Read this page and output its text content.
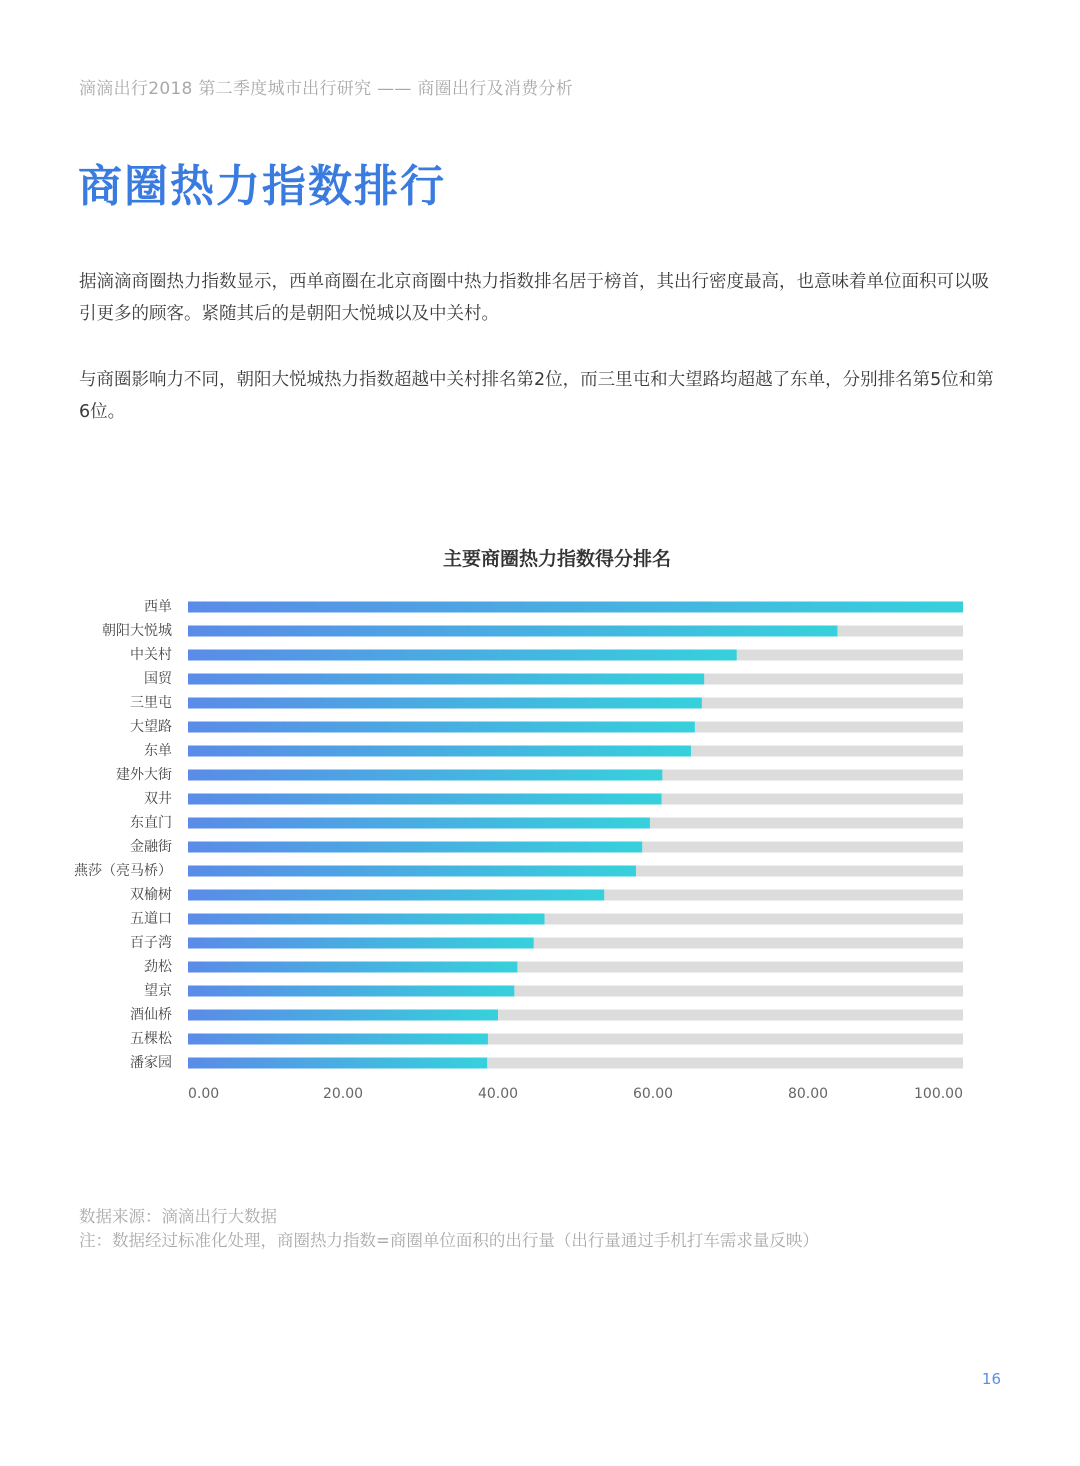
滴滴出行2018 第二季度城市出行研究 —— 商圈出行及消费分析
商圈热力指数排行
据滴滴商圈热力指数显示，西单商圈在北京商圈中热力指数排名居于榜首，其出行密度最高，也意味着单位面积可以吸引更多的顾客。紧随其后的是朝阳大悦城以及中关村。
与商圈影响力不同，朝阳大悦城热力指数超越中关村排名第2位，而三里屯和大望路均超越了东单，分别排名第5位和第6位。
主要商圈热力指数得分排名
西单
朝阳大悦城
中关村
国贸
三里屯
大望路
东单
建外大街
双井
东直门
金融街
燕莎（亮马桥）
双榆树
五道口
百子湾
劲松
望京
酒仙桥
五棵松
潘家园
0.00	20.00	40.00	60.00	80.00	100.00
数据来源：滴滴出行大数据
注：数据经过标准化处理，商圈热力指数=商圈单位面积的出行量（出行量通过手机打车需求量反映）
16
